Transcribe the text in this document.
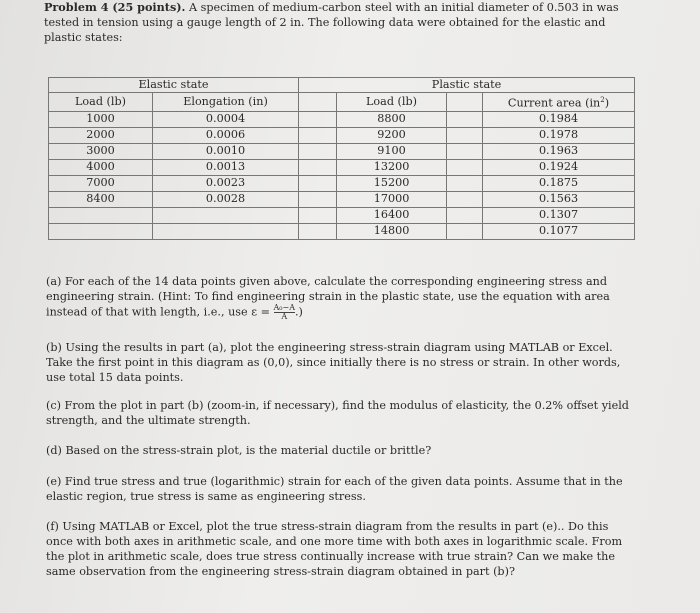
Problem 4 (25 points). A specimen of medium-carbon steel with an initial diameter of 0.503 in was tested in tension using a gauge length of 2 in. The following data were obtained for the elastic and plastic states:
Elastic state		Plastic state			
Load (lb)	Elongation (in)		Load (lb)		Current area $(in^2)$
1000	0.0004		8800		0.1984
2000	0.0006		9200		0.1978
3000	0.0010		9100		0.1963
4000	0.0013		13200		0.1924
7000	0.0023		15200		0.1875
8400	0.0028		17000		0.1563
			16400		0.1307
			14800		0.1077
(a) For each of the 14 data points given above, calculate the corresponding engineering stress and engineering strain. (Hint: To find engineering strain in the plastic state, use the equation with area instead of that with length, i.e., use $\varepsilon = \frac{\text{A₀−A}}{A}$ .)
(b) Using the results in part (a), plot the engineering stress-strain diagram using MATLAB or Excel. Take the first point in this diagram as (0,0), since initially there is no stress or strain. In other words, use total 15 data points.
(c) From the plot in part (b) (zoom-in, if necessary), find the modulus of elasticity, the 0.2% offset yield strength, and the ultimate strength.
(d) Based on the stress-strain plot, is the material ductile or brittle?
(e) Find true stress and true (logarithmic) strain for each of the given data points. Assume that in the elastic region, true stress is same as engineering stress.
(f) Using MATLAB or Excel, plot the true stress-strain diagram from the results in part (e).. Do this once with both axes in arithmetic scale, and one more time with both axes in logarithmic scale. From the plot in arithmetic scale, does true stress continually increase with true strain? Can we make the same observation from the engineering stress-strain diagram obtained in part (b)?
